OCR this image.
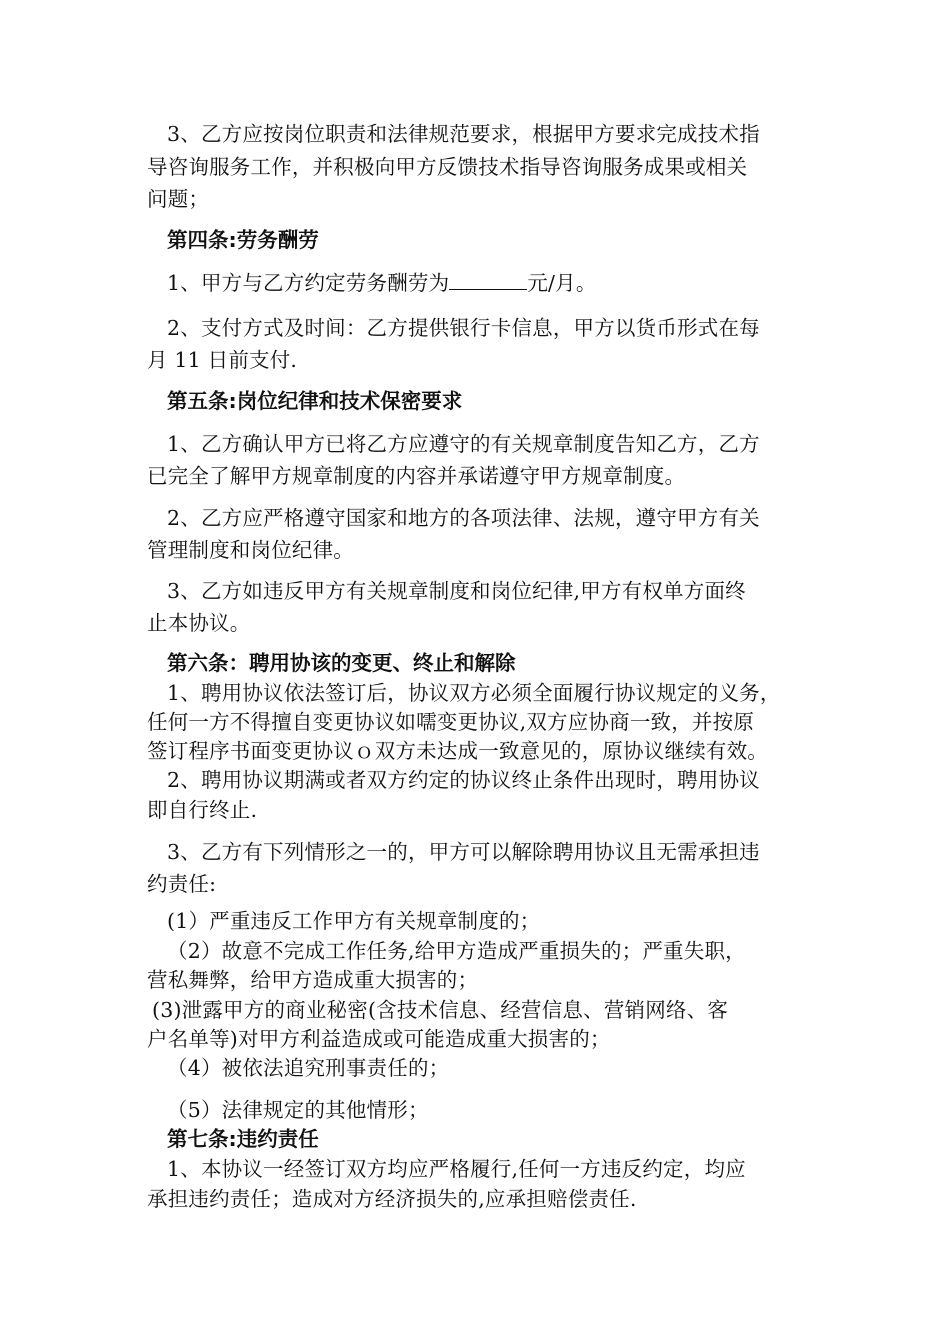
3、乙方应按岗位职责和法律规范要求，根据甲方要求完成技术指
导咨询服务工作，并积极向甲方反馈技术指导咨询服务成果或相关
问题；
第四条:劳务酬劳
1、甲方与乙方约定劳务酬劳为	元/月。
2、支付方式及时间：乙方提供银行卡信息，甲方以货币形式在每
月 11 日前支付.
第五条:岗位纪律和技术保密要求
1、乙方确认甲方已将乙方应遵守的有关规章制度告知乙方，乙方
已完全了解甲方规章制度的内容并承诺遵守甲方规章制度。
2、乙方应严格遵守国家和地方的各项法律、法规，遵守甲方有关
管理制度和岗位纪律。
3、乙方如违反甲方有关规章制度和岗位纪律,甲方有权单方面终
止本协议。
第六条：聘用协该的变更、终止和解除
1、聘用协议依法签订后，协议双方必须全面履行协议规定的义务，
任何一方不得擅自变更协议如嚅变更协议,双方应协商一致，并按原
签订程序书面变更协议ｏ双方未达成一致意见的，原协议继续有效。
2、聘用协议期满或者双方约定的协议终止条件出现时，聘用协议
即自行终止.
3、乙方有下列情形之一的，甲方可以解除聘用协议且无需承担违
约责任:
(1）严重违反工作甲方有关规章制度的；
（2）故意不完成工作任务,给甲方造成严重损失的；严重失职，
营私舞弊，给甲方造成重大损害的；
(3)泄露甲方的商业秘密(含技术信息、经营信息、营销网络、客
户名单等)对甲方利益造成或可能造成重大损害的；
（4）被依法追究刑事责任的；
（5）法律规定的其他情形；
第七条:违约责任
1、本协议一经签订双方均应严格履行,任何一方违反约定，均应
承担违约责任；造成对方经济损失的,应承担赔偿责任.
